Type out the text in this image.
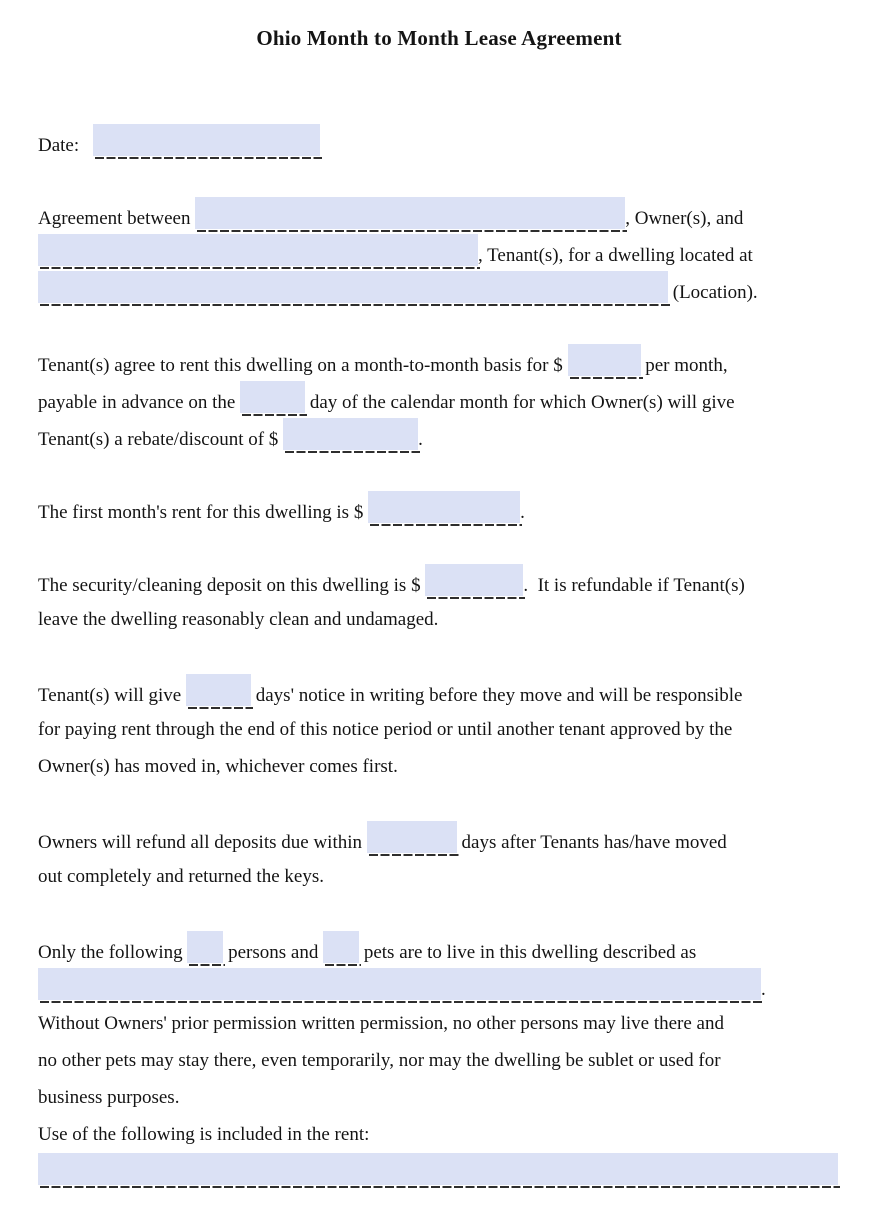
Ohio Month to Month Lease Agreement
Date:
Agreement between	, Owner(s), and
, Tenant(s), for a dwelling located at
(Location).
Tenant(s) agree to rent this dwelling on a month-to-month basis for $	per month,
payable in advance on the	day of the calendar month for which Owner(s) will give
Tenant(s) a rebate/discount of $	.
The first month's rent for this dwelling is $	.
The security/cleaning deposit on this dwelling is $	.  It is refundable if Tenant(s)
leave the dwelling reasonably clean and undamaged.
Tenant(s) will give	days' notice in writing before they move and will be responsible
for paying rent through the end of this notice period or until another tenant approved by the
Owner(s) has moved in, whichever comes first.
Owners will refund all deposits due within	days after Tenants has/have moved
out completely and returned the keys.
Only the following  persons and  pets are to live in this dwelling described as
.
Without Owners' prior permission written permission, no other persons may live there and
no other pets may stay there, even temporarily, nor may the dwelling be sublet or used for
business purposes.
Use of the following is included in the rent:
